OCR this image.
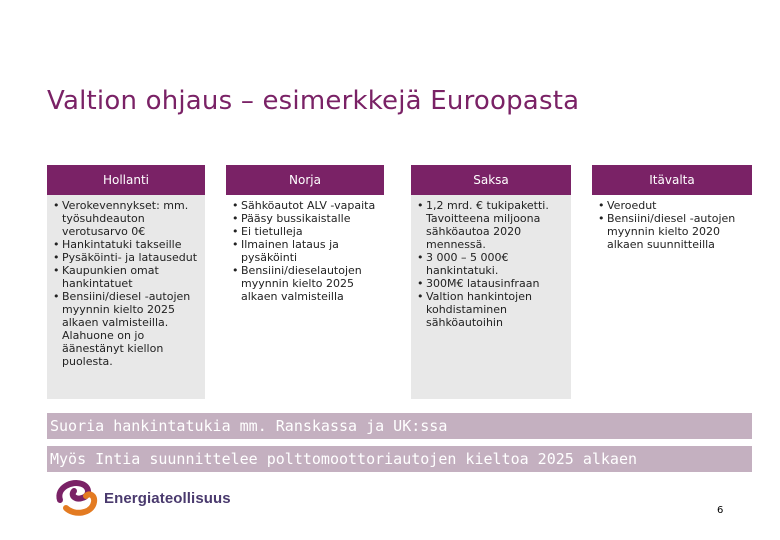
Valtion ohjaus – esimerkkejä Euroopasta
Hollanti
• Verokevennykset: mm. työsuhdeauton verotusarvo 0€
• Hankintatuki takseille
• Pysäköinti- ja latausedut
• Kaupunkien omat hankintatuet
• Bensiini/diesel -autojen myynnin kielto 2025 alkaen valmisteilla. Alahuone on jo äänestänyt kiellon puolesta.
Norja
• Sähköautot ALV -vapaita
• Pääsy bussikaistalle
• Ei tietulleja
• Ilmainen lataus ja pysäköinti
• Bensiini/dieselautojen myynnin kielto 2025 alkaen valmisteilla
Saksa
• 1,2 mrd. € tukipaketti. Tavoitteena miljoona sähköautoa 2020 mennessä.
• 3 000 – 5 000€ hankintatuki.
• 300M€ latausinfraan
• Valtion hankintojen kohdistaminen sähköautoihin
Itävalta
• Veroedut
• Bensiini/diesel -autojen myynnin kielto 2020 alkaen suunnitteilla
Suoria hankintatukia mm. Ranskassa ja UK:ssa
Myös Intia suunnittelee polttomoottoriautojen kieltoa 2025 alkaen
Energiateollisuus
6
